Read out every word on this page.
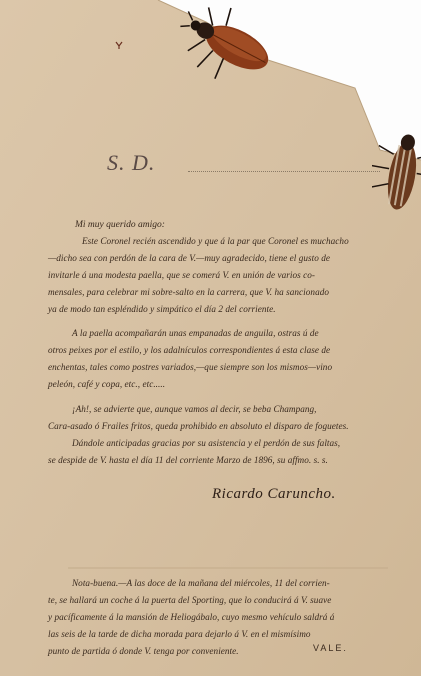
S. D.
Mi muy querido amigo:
Este Coronel recién ascendido y que á la par que Coronel es muchacho
—dicho sea con perdón de la cara de V.—muy agradecido, tiene el gusto de
invitarle á una modesta paella, que se comerá V. en unión de varios co-
mensales, para celebrar mi sobre-salto en la carrera, que V. ha sancionado
ya de modo tan espléndido y simpático el día 2 del corriente.
A la paella acompañarán unas empanadas de anguila, ostras ú de
otros peixes por el estilo, y los adalnículos correspondientes á esta clase de
enchentas, tales como postres variados,—que siempre son los mismos—vino
peleón, café y copa, etc., etc.....
¡Ah!, se advierte que, aunque vamos al decir, se beba Champang,
Cara-asado ó Frailes fritos, queda prohibido en absoluto el disparo de foguetes.
Dándole anticipadas gracias por su asistencia y el perdón de sus faltas,
se despide de V. hasta el día 11 del corriente Marzo de 1896, su affmo. s. s.
Ricardo Caruncho.
Nota-buena.—A las doce de la mañana del miércoles, 11 del corrien-
te, se hallará un coche á la puerta del Sporting, que lo conducirá á V. suave
y pacíficamente á la mansión de Heliogábalo, cuyo mesmo vehículo saldrá á
las seis de la tarde de dicha morada para dejarlo á V. en el mismísimo
punto de partida ó donde V. tenga por conveniente.	VALE.
